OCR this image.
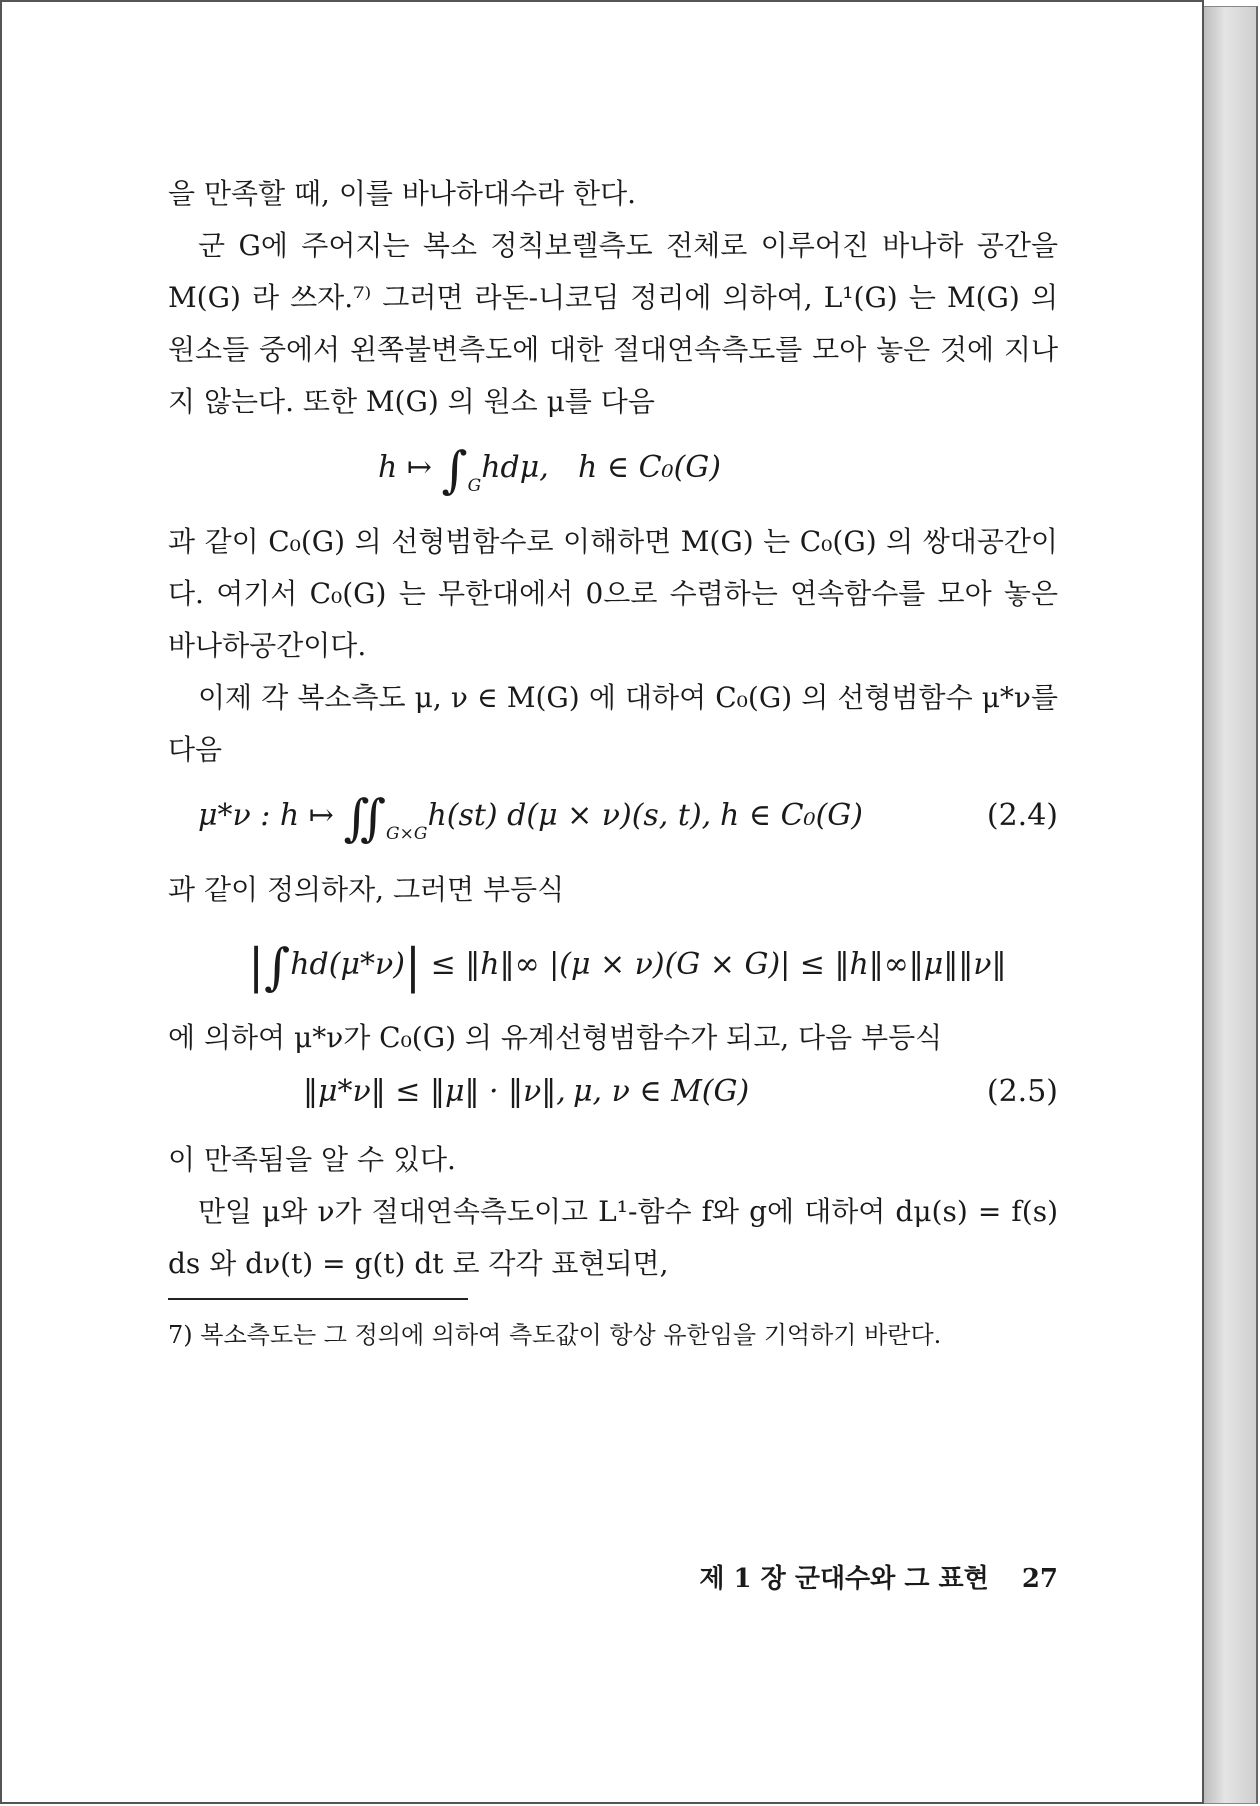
을 만족할 때, 이를 바나하대수라 한다.

군 G에 주어지는 복소 정칙보렐측도 전체로 이루어진 바나하 공간을 M(G) 라 쓰자.⁷⁾ 그러면 라돈-니코딤 정리에 의하여, L¹(G) 는 M(G) 의 원소들 중에서 왼쪽불변측도에 대한 절대연속측도를 모아 놓은 것에 지나지 않는다. 또한 M(G) 의 원소 μ를 다음

h ↦ $\int_Ghd\mu$, h ∈ C₀(G)

과 같이 C₀(G) 의 선형범함수로 이해하면 M(G) 는 C₀(G) 의 쌍대공간이다. 여기서 C₀(G) 는 무한대에서 0으로 수렴하는 연속함수를 모아 놓은 바나하공간이다.

이제 각 복소측도 μ, ν ∈ M(G) 에 대하여 C₀(G) 의 선형범함수 μ*ν를 다음

μ*ν : h ↦ $∬_{G\times G}h(st) d(\mu \times \nu)(s$, t), h ∈ C₀(G)	(2.4)

과 같이 정의하자, 그러면 부등식

|∫hd(μ*ν)| ≤ ‖h‖∞ |(μ × ν)(G × G)| ≤ ‖h‖∞‖μ‖‖ν‖

에 의하여 μ*ν가 C₀(G) 의 유계선형범함수가 되고, 다음 부등식

‖μ*ν‖ ≤ ‖μ‖ · ‖ν‖, μ, ν ∈ M(G)	(2.5)

이 만족됨을 알 수 있다.

만일 μ와 ν가 절대연속측도이고 L¹-함수 f와 g에 대하여 dμ(s) = f(s) ds 와 dν(t) = g(t) dt 로 각각 표현되면,

7) 복소측도는 그 정의에 의하여 측도값이 항상 유한임을 기억하기 바란다.

제 1 장 군대수와 그 표현 27
